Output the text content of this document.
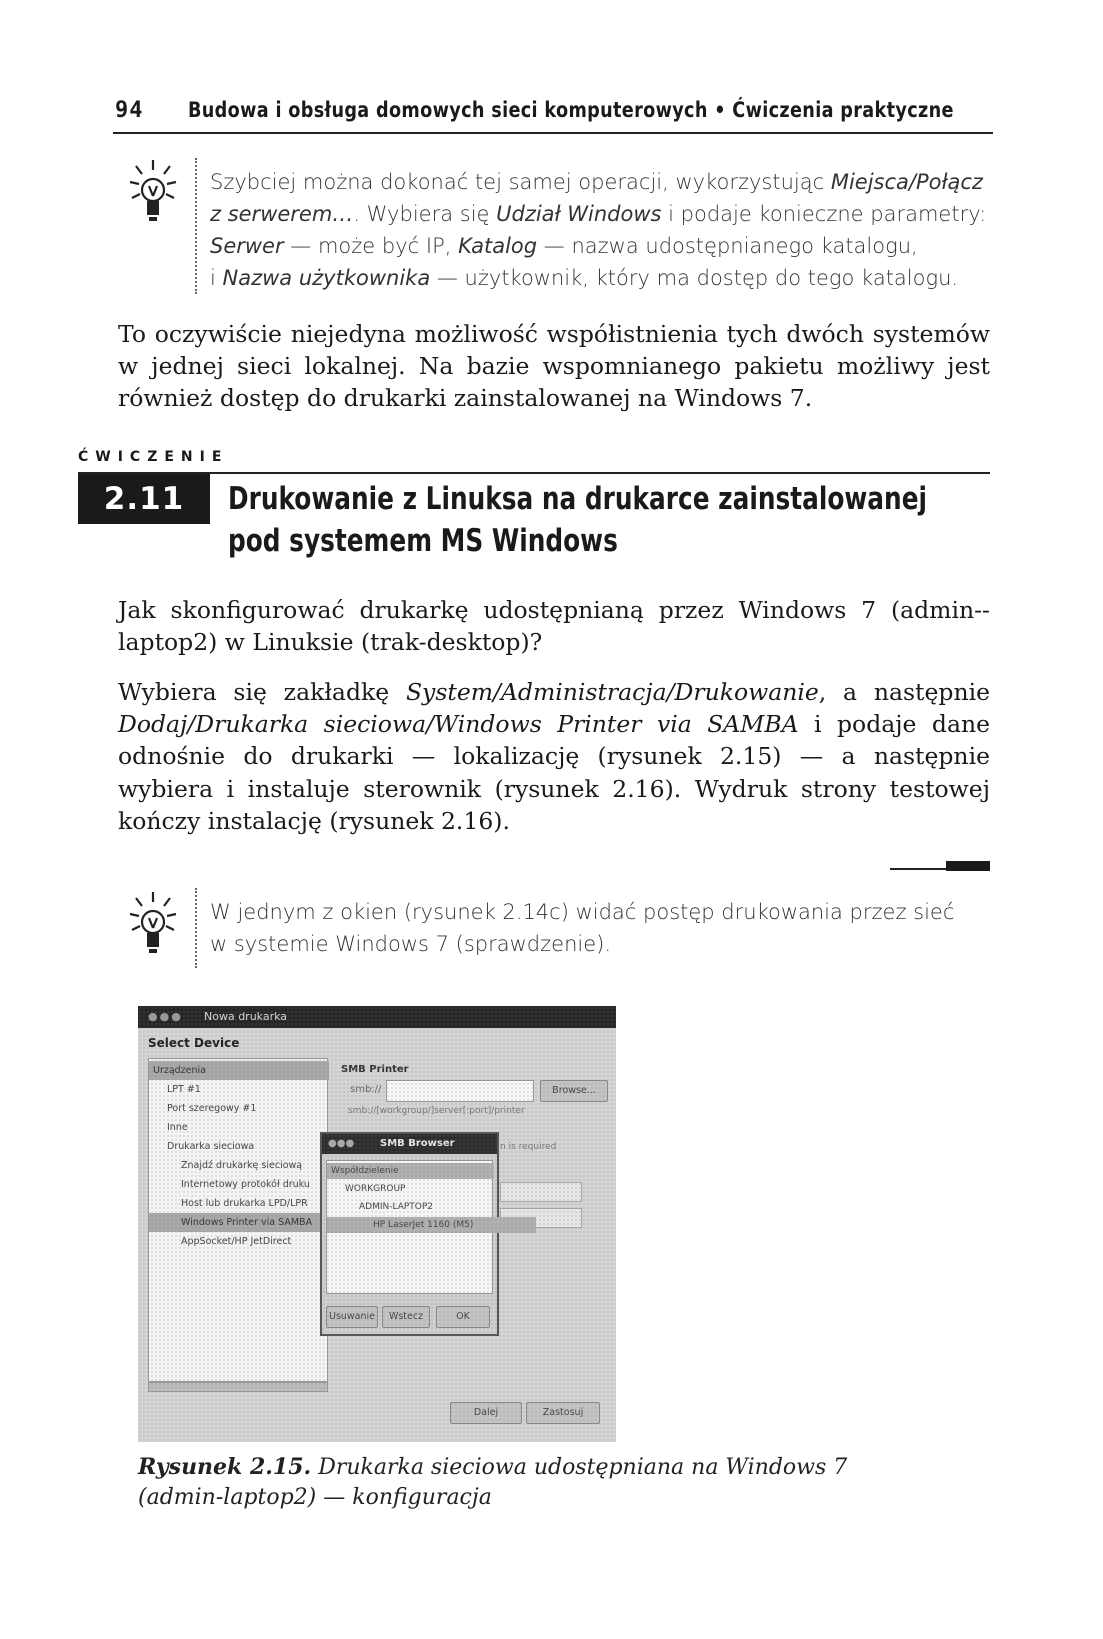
94 Budowa i obsługa domowych sieci komputerowych • Ćwiczenia praktyczne
Szybciej można dokonać tej samej operacji, wykorzystując Miejsca/Połącz
z serwerem…. Wybiera się Udział Windows i podaje konieczne parametry:
Serwer — może być IP, Katalog — nazwa udostępnianego katalogu,
i Nazwa użytkownika — użytkownik, który ma dostęp do tego katalogu.
To oczywiście niejedyna możliwość współistnienia tych dwóch systemów w jednej sieci lokalnej. Na bazie wspomnianego pakietu możliwy jest również dostęp do drukarki zainstalowanej na Windows 7.
ĆWICZENIE
2.11	Drukowanie z Linuksa na drukarce zainstalowanej
pod systemem MS Windows
Jak skonfigurować drukarkę udostępnianą przez Windows 7 (admin--laptop2) w Linuksie (trak-desktop)?
Wybiera się zakładkę System/Administracja/Drukowanie, a następnie Dodaj/Drukarka sieciowa/Windows Printer via SAMBA i podaje dane odnośnie do drukarki — lokalizację (rysunek 2.15) — a następnie wybiera i instaluje sterownik (rysunek 2.16). Wydruk strony testowej kończy instalację (rysunek 2.16).
W jednym z okien (rysunek 2.14c) widać postęp drukowania przez sieć
w systemie Windows 7 (sprawdzenie).
●●● Nowa drukarka
Select Device
Urządzenia
LPT #1
Port szeregowy #1
Inne
Drukarka sieciowa
Znajdź drukarkę sieciową
Internetowy protokół druku
Host lub drukarka LPD/LPR
Windows Printer via SAMBA
AppSocket/HP JetDirect
SMB Printer
smb://	Browse...
smb://[workgroup/]server[:port]/printer
n is required
●●●	SMB Browser
Współdzielenie
WORKGROUP
ADMIN-LAPTOP2
HP LaserJet 1160 (M5)
Usuwanie	Wstecz	OK
Dalej	Zastosuj
Rysunek 2.15. Drukarka sieciowa udostępniana na Windows 7
(admin-laptop2) — konfiguracja
